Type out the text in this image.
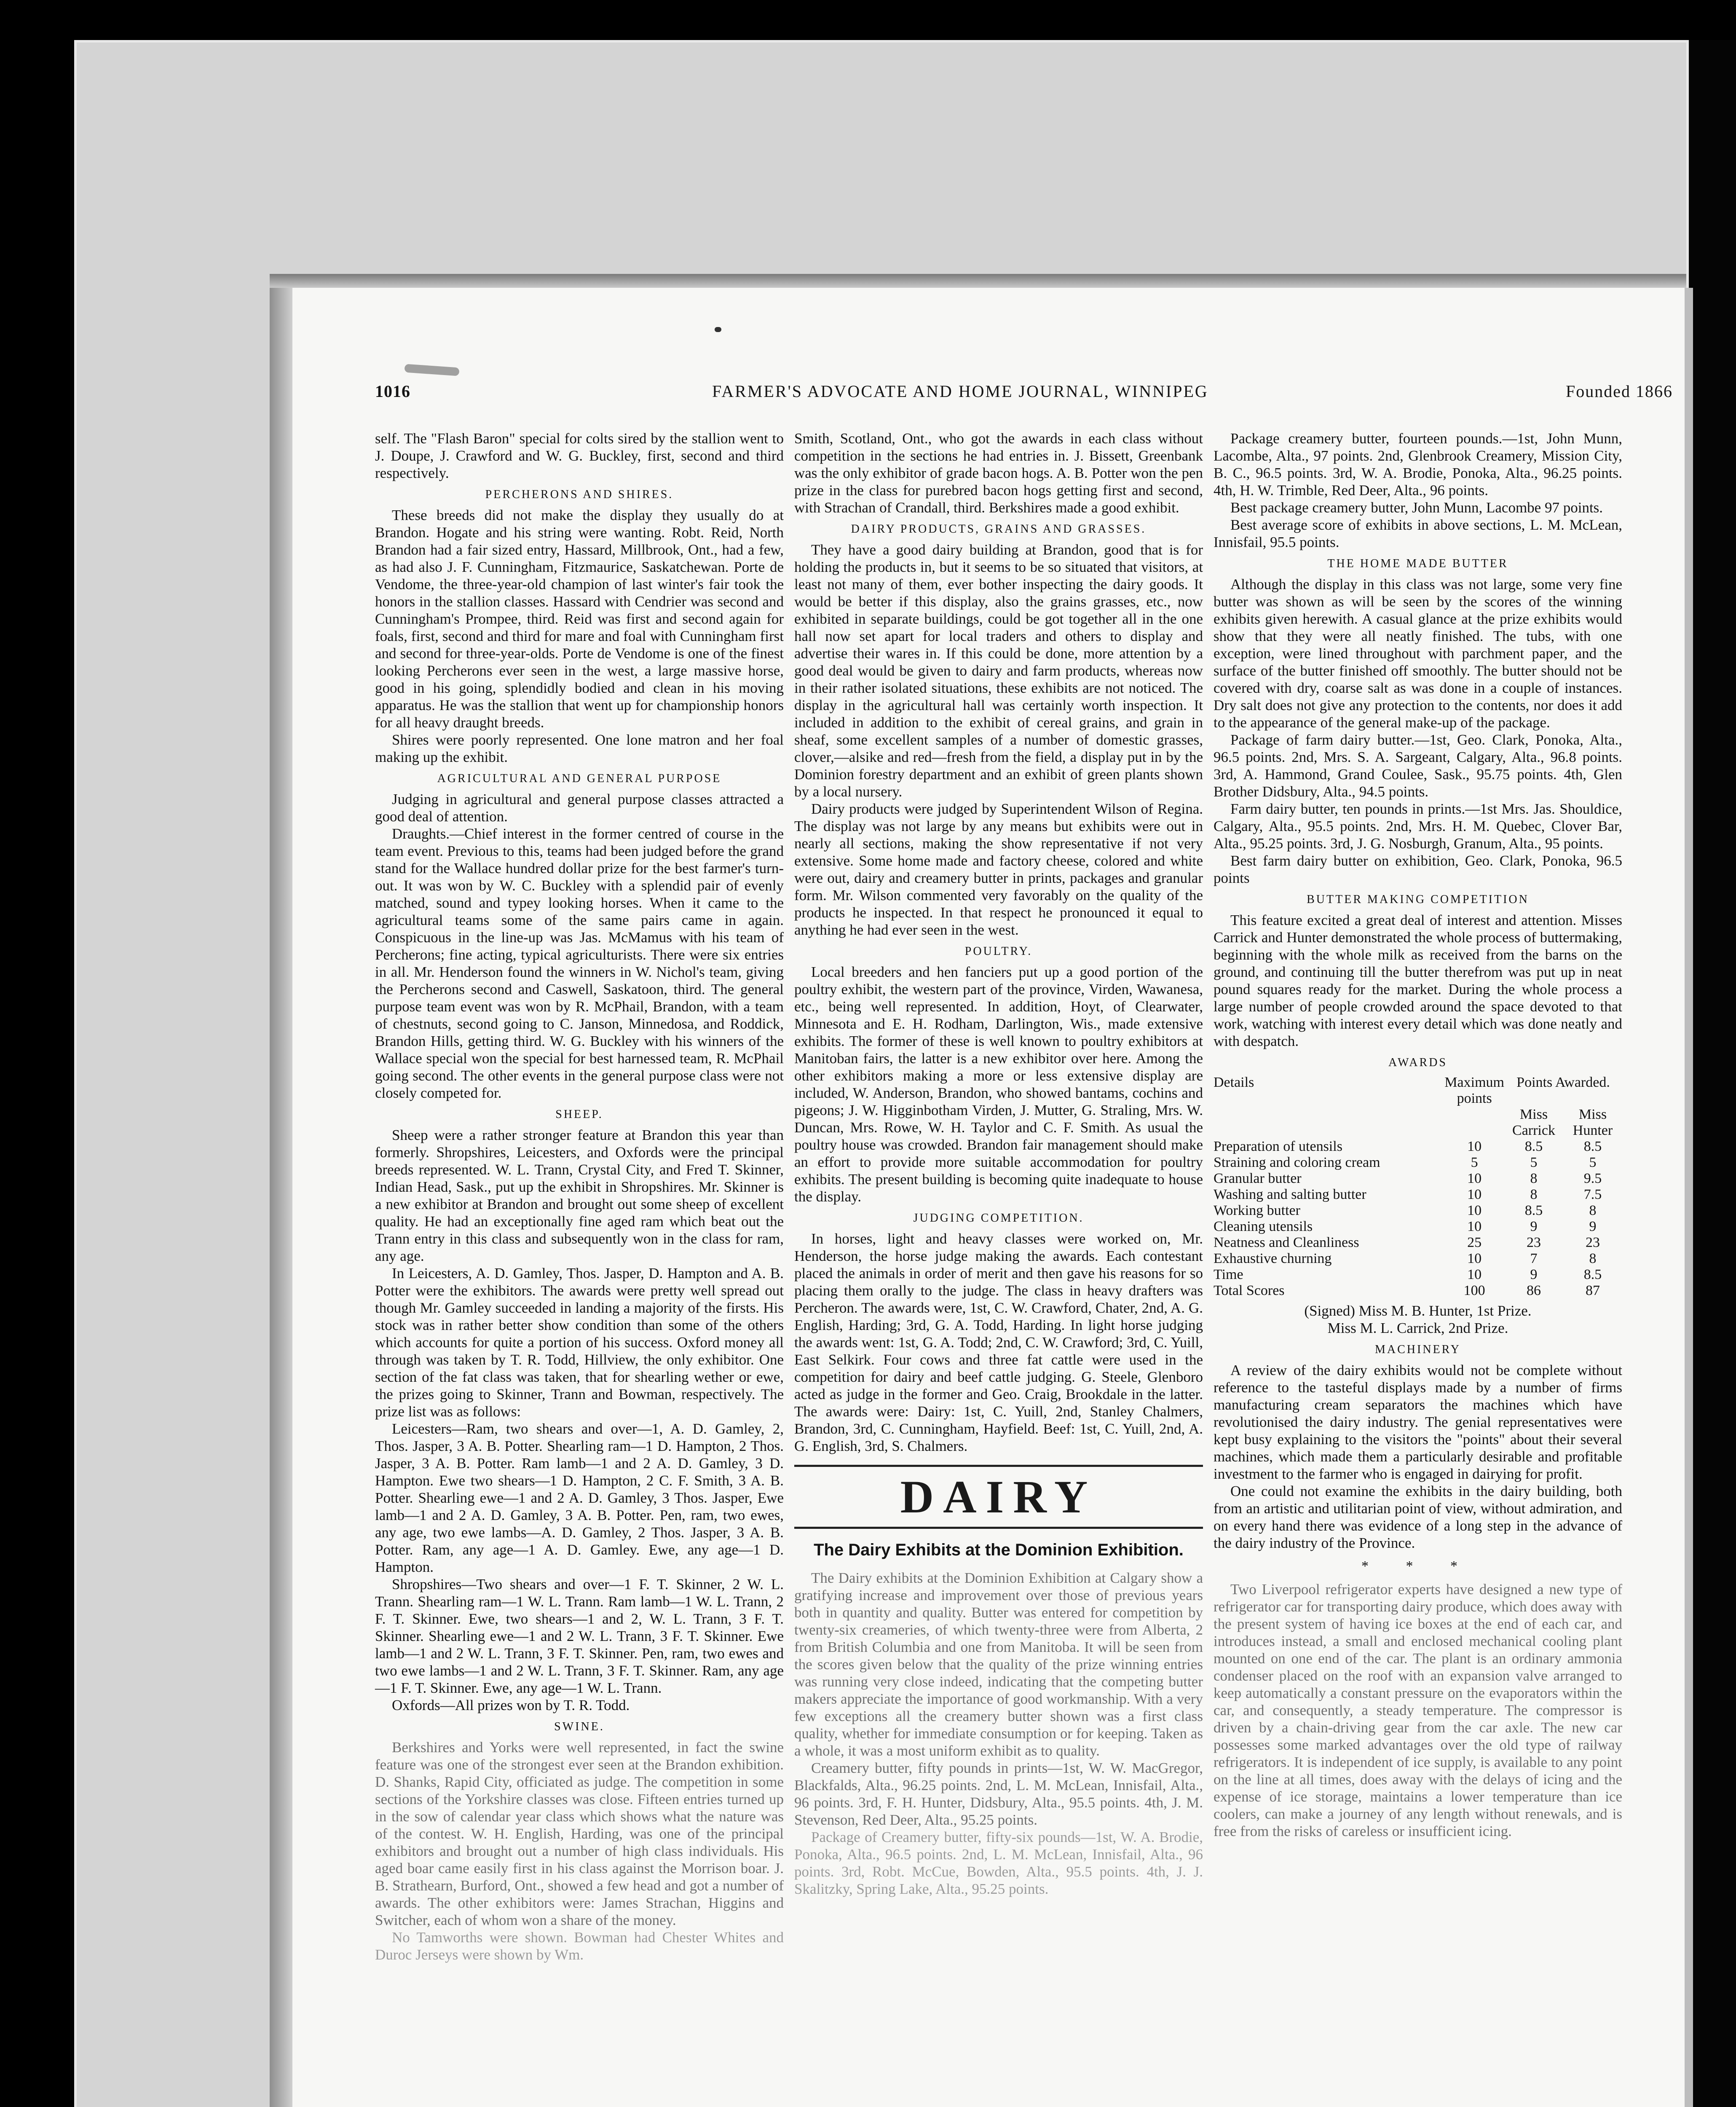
1016	FARMER'S ADVOCATE AND HOME JOURNAL, WINNIPEG	Founded 1866

self. The "Flash Baron" special for colts sired by the stallion went to J. Doupe, J. Crawford and W. G. Buckley, first, second and third respectively.

PERCHERONS AND SHIRES.

These breeds did not make the display they usually do at Brandon. Hogate and his string were wanting. Robt. Reid, North Brandon had a fair sized entry, Hassard, Millbrook, Ont., had a few, as had also J. F. Cunningham, Fitzmaurice, Saskatchewan. Porte de Vendome, the three-year-old champion of last winter's fair took the honors in the stallion classes. Hassard with Cendrier was second and Cunningham's Prompee, third. Reid was first and second again for foals, first, second and third for mare and foal with Cunningham first and second for three-year-olds. Porte de Vendome is one of the finest looking Percherons ever seen in the west, a large massive horse, good in his going, splendidly bodied and clean in his moving apparatus. He was the stallion that went up for championship honors for all heavy draught breeds.

Shires were poorly represented. One lone matron and her foal making up the exhibit.

AGRICULTURAL AND GENERAL PURPOSE

Judging in agricultural and general purpose classes attracted a good deal of attention.

Draughts.—Chief interest in the former centred of course in the team event. Previous to this, teams had been judged before the grand stand for the Wallace hundred dollar prize for the best farmer's turn-out. It was won by W. C. Buckley with a splendid pair of evenly matched, sound and typey looking horses. When it came to the agricultural teams some of the same pairs came in again. Conspicuous in the line-up was Jas. McMamus with his team of Percherons; fine acting, typical agriculturists. There were six entries in all. Mr. Henderson found the winners in W. Nichol's team, giving the Percherons second and Caswell, Saskatoon, third. The general purpose team event was won by R. McPhail, Brandon, with a team of chestnuts, second going to C. Janson, Minnedosa, and Roddick, Brandon Hills, getting third. W. G. Buckley with his winners of the Wallace special won the special for best harnessed team, R. McPhail going second. The other events in the general purpose class were not closely competed for.

SHEEP.

Sheep were a rather stronger feature at Brandon this year than formerly. Shropshires, Leicesters, and Oxfords were the principal breeds represented. W. L. Trann, Crystal City, and Fred T. Skinner, Indian Head, Sask., put up the exhibit in Shropshires. Mr. Skinner is a new exhibitor at Brandon and brought out some sheep of excellent quality. He had an exceptionally fine aged ram which beat out the Trann entry in this class and subsequently won in the class for ram, any age.

In Leicesters, A. D. Gamley, Thos. Jasper, D. Hampton and A. B. Potter were the exhibitors. The awards were pretty well spread out though Mr. Gamley succeeded in landing a majority of the firsts. His stock was in rather better show condition than some of the others which accounts for quite a portion of his success. Oxford money all through was taken by T. R. Todd, Hillview, the only exhibitor. One section of the fat class was taken, that for shearling wether or ewe, the prizes going to Skinner, Trann and Bowman, respectively. The prize list was as follows:

Leicesters—Ram, two shears and over—1, A. D. Gamley, 2, Thos. Jasper, 3 A. B. Potter. Shearling ram—1 D. Hampton, 2 Thos. Jasper, 3 A. B. Potter. Ram lamb—1 and 2 A. D. Gamley, 3 D. Hampton. Ewe two shears—1 D. Hampton, 2 C. F. Smith, 3 A. B. Potter. Shearling ewe—1 and 2 A. D. Gamley, 3 Thos. Jasper, Ewe lamb—1 and 2 A. D. Gamley, 3 A. B. Potter. Pen, ram, two ewes, any age, two ewe lambs—A. D. Gamley, 2 Thos. Jasper, 3 A. B. Potter. Ram, any age—1 A. D. Gamley. Ewe, any age—1 D. Hampton.

Shropshires—Two shears and over—1 F. T. Skinner, 2 W. L. Trann. Shearling ram—1 W. L. Trann. Ram lamb—1 W. L. Trann, 2 F. T. Skinner. Ewe, two shears—1 and 2, W. L. Trann, 3 F. T. Skinner. Shearling ewe—1 and 2 W. L. Trann, 3 F. T. Skinner. Ewe lamb—1 and 2 W. L. Trann, 3 F. T. Skinner. Pen, ram, two ewes and two ewe lambs—1 and 2 W. L. Trann, 3 F. T. Skinner. Ram, any age—1 F. T. Skinner. Ewe, any age—1 W. L. Trann.

Oxfords—All prizes won by T. R. Todd.

SWINE.

Berkshires and Yorks were well represented, in fact the swine feature was one of the strongest ever seen at the Brandon exhibition. D. Shanks, Rapid City, officiated as judge. The competition in some sections of the Yorkshire classes was close. Fifteen entries turned up in the sow of calendar year class which shows what the nature was of the contest. W. H. English, Harding, was one of the principal exhibitors and brought out a number of high class individuals. His aged boar came easily first in his class against the Morrison boar. J. B. Strathearn, Burford, Ont., showed a few head and got a number of awards. The other exhibitors were: James Strachan, Higgins and Switcher, each of whom won a share of the money.

No Tamworths were shown. Bowman had Chester Whites and Duroc Jerseys were shown by Wm.

Smith, Scotland, Ont., who got the awards in each class without competition in the sections he had entries in. J. Bissett, Greenbank was the only exhibitor of grade bacon hogs. A. B. Potter won the pen prize in the class for purebred bacon hogs getting first and second, with Strachan of Crandall, third. Berkshires made a good exhibit.

DAIRY PRODUCTS, GRAINS AND GRASSES.

They have a good dairy building at Brandon, good that is for holding the products in, but it seems to be so situated that visitors, at least not many of them, ever bother inspecting the dairy goods. It would be better if this display, also the grains grasses, etc., now exhibited in separate buildings, could be got together all in the one hall now set apart for local traders and others to display and advertise their wares in. If this could be done, more attention by a good deal would be given to dairy and farm products, whereas now in their rather isolated situations, these exhibits are not noticed. The display in the agricultural hall was certainly worth inspection. It included in addition to the exhibit of cereal grains, and grain in sheaf, some excellent samples of a number of domestic grasses, clover,—alsike and red—fresh from the field, a display put in by the Dominion forestry department and an exhibit of green plants shown by a local nursery.

Dairy products were judged by Superintendent Wilson of Regina. The display was not large by any means but exhibits were out in nearly all sections, making the show representative if not very extensive. Some home made and factory cheese, colored and white were out, dairy and creamery butter in prints, packages and granular form. Mr. Wilson commented very favorably on the quality of the products he inspected. In that respect he pronounced it equal to anything he had ever seen in the west.

POULTRY.

Local breeders and hen fanciers put up a good portion of the poultry exhibit, the western part of the province, Virden, Wawanesa, etc., being well represented. In addition, Hoyt, of Clearwater, Minnesota and E. H. Rodham, Darlington, Wis., made extensive exhibits. The former of these is well known to poultry exhibitors at Manitoban fairs, the latter is a new exhibitor over here. Among the other exhibitors making a more or less extensive display are included, W. Anderson, Brandon, who showed bantams, cochins and pigeons; J. W. Higginbotham Virden, J. Mutter, G. Straling, Mrs. W. Duncan, Mrs. Rowe, W. H. Taylor and C. F. Smith. As usual the poultry house was crowded. Brandon fair management should make an effort to provide more suitable accommodation for poultry exhibits. The present building is becoming quite inadequate to house the display.

JUDGING COMPETITION.

In horses, light and heavy classes were worked on, Mr. Henderson, the horse judge making the awards. Each contestant placed the animals in order of merit and then gave his reasons for so placing them orally to the judge. The class in heavy drafters was Percheron. The awards were, 1st, C. W. Crawford, Chater, 2nd, A. G. English, Harding; 3rd, G. A. Todd, Harding. In light horse judging the awards went: 1st, G. A. Todd; 2nd, C. W. Crawford; 3rd, C. Yuill, East Selkirk. Four cows and three fat cattle were used in the competition for dairy and beef cattle judging. G. Steele, Glenboro acted as judge in the former and Geo. Craig, Brookdale in the latter. The awards were: Dairy: 1st, C. Yuill, 2nd, Stanley Chalmers, Brandon, 3rd, C. Cunningham, Hayfield. Beef: 1st, C. Yuill, 2nd, A. G. English, 3rd, S. Chalmers.

DAIRY
The Dairy Exhibits at the Dominion Exhibition.

The Dairy exhibits at the Dominion Exhibition at Calgary show a gratifying increase and improvement over those of previous years both in quantity and quality. Butter was entered for competition by twenty-six creameries, of which twenty-three were from Alberta, 2 from British Columbia and one from Manitoba. It will be seen from the scores given below that the quality of the prize winning entries was running very close indeed, indicating that the competing butter makers appreciate the importance of good workmanship. With a very few exceptions all the creamery butter shown was a first class quality, whether for immediate consumption or for keeping. Taken as a whole, it was a most uniform exhibit as to quality.

Creamery butter, fifty pounds in prints—1st, W. W. MacGregor, Blackfalds, Alta., 96.25 points. 2nd, L. M. McLean, Innisfail, Alta., 96 points. 3rd, F. H. Hunter, Didsbury, Alta., 95.5 points. 4th, J. M. Stevenson, Red Deer, Alta., 95.25 points.

Package of Creamery butter, fifty-six pounds—1st, W. A. Brodie, Ponoka, Alta., 96.5 points. 2nd, L. M. McLean, Innisfail, Alta., 96 points. 3rd, Robt. McCue, Bowden, Alta., 95.5 points. 4th, J. J. Skalitzky, Spring Lake, Alta., 95.25 points.

Package creamery butter, fourteen pounds.—1st, John Munn, Lacombe, Alta., 97 points. 2nd, Glenbrook Creamery, Mission City, B. C., 96.5 points. 3rd, W. A. Brodie, Ponoka, Alta., 96.25 points. 4th, H. W. Trimble, Red Deer, Alta., 96 points.

Best package creamery butter, John Munn, Lacombe 97 points.

Best average score of exhibits in above sections, L. M. McLean, Innisfail, 95.5 points.

THE HOME MADE BUTTER

Although the display in this class was not large, some very fine butter was shown as will be seen by the scores of the winning exhibits given herewith. A casual glance at the prize exhibits would show that they were all neatly finished. The tubs, with one exception, were lined throughout with parchment paper, and the surface of the butter finished off smoothly. The butter should not be covered with dry, coarse salt as was done in a couple of instances. Dry salt does not give any protection to the contents, nor does it add to the appearance of the general make-up of the package.

Package of farm dairy butter.—1st, Geo. Clark, Ponoka, Alta., 96.5 points. 2nd, Mrs. S. A. Sargeant, Calgary, Alta., 96.8 points. 3rd, A. Hammond, Grand Coulee, Sask., 95.75 points. 4th, Glen Brother Didsbury, Alta., 94.5 points.

Farm dairy butter, ten pounds in prints.—1st Mrs. Jas. Shouldice, Calgary, Alta., 95.5 points. 2nd, Mrs. H. M. Quebec, Clover Bar, Alta., 95.25 points. 3rd, J. G. Nosburgh, Granum, Alta., 95 points.

Best farm dairy butter on exhibition, Geo. Clark, Ponoka, 96.5 points

BUTTER MAKING COMPETITION

This feature excited a great deal of interest and attention. Misses Carrick and Hunter demonstrated the whole process of buttermaking, beginning with the whole milk as received from the barns on the ground, and continuing till the butter therefrom was put up in neat pound squares ready for the market. During the whole process a large number of people crowded around the space devoted to that work, watching with interest every detail which was done neatly and with despatch.

AWARDS
Details	Maximum points	Points Awarded.	
		Miss Carrick	Miss Hunter
Preparation of utensils	10	8.5	8.5
Straining and coloring cream	5	5	5
Granular butter	10	8	9.5
Washing and salting butter	10	8	7.5
Working butter	10	8.5	8
Cleaning utensils	10	9	9
Neatness and Cleanliness	25	23	23
Exhaustive churning	10	7	8
Time	10	9	8.5
Total Scores	100	86	87

(Signed) Miss M. B. Hunter, 1st Prize.

Miss M. L. Carrick, 2nd Prize.

MACHINERY

A review of the dairy exhibits would not be complete without reference to the tasteful displays made by a number of firms manufacturing cream separators the machines which have revolutionised the dairy industry. The genial representatives were kept busy explaining to the visitors the "points" about their several machines, which made them a particularly desirable and profitable investment to the farmer who is engaged in dairying for profit.

One could not examine the exhibits in the dairy building, both from an artistic and utilitarian point of view, without admiration, and on every hand there was evidence of a long step in the advance of the dairy industry of the Province.

* * *

Two Liverpool refrigerator experts have designed a new type of refrigerator car for transporting dairy produce, which does away with the present system of having ice boxes at the end of each car, and introduces instead, a small and enclosed mechanical cooling plant mounted on one end of the car. The plant is an ordinary ammonia condenser placed on the roof with an expansion valve arranged to keep automatically a constant pressure on the evaporators within the car, and consequently, a steady temperature. The compressor is driven by a chain-driving gear from the car axle. The new car possesses some marked advantages over the old type of railway refrigerators. It is independent of ice supply, is available to any point on the line at all times, does away with the delays of icing and the expense of ice storage, maintains a lower temperature than ice coolers, can make a journey of any length without renewals, and is free from the risks of careless or insufficient icing.
